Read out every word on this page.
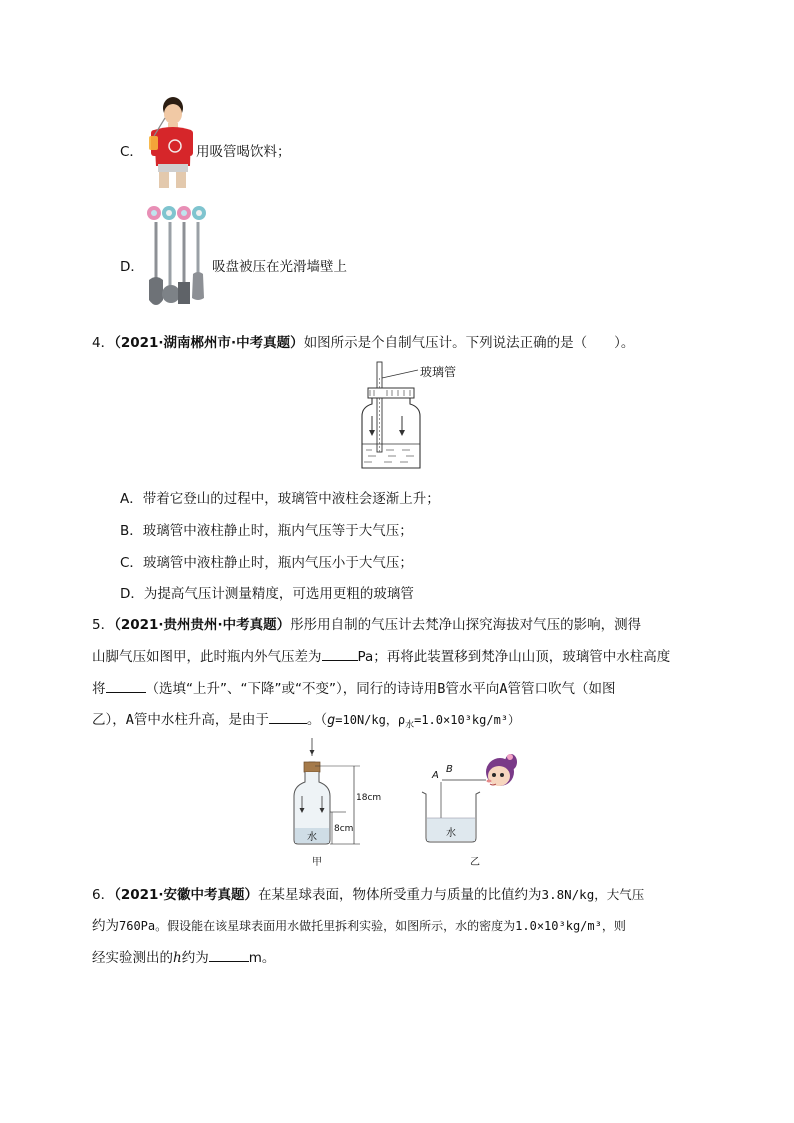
C．	用吸管喝饮料；
D．	吸盘被压在光滑墙壁上
4．（2021·湖南郴州市·中考真题）如图所示是个自制气压计。下列说法正确的是（　　）。
玻璃管
A．带着它登山的过程中，玻璃管中液柱会逐渐上升；
B．玻璃管中液柱静止时，瓶内气压等于大气压；
C．玻璃管中液柱静止时，瓶内气压小于大气压；
D．为提高气压计测量精度，可选用更粗的玻璃管
5．（2021·贵州贵州·中考真题）彤彤用自制的气压计去梵净山探究海拔对气压的影响，测得
山脚气压如图甲，此时瓶内外气压差为	Pa；再将此装置移到梵净山山顶，玻璃管中水柱高度
将	（选填“上升”、“下降”或“不变”），同行的诗诗用B管水平向A管管口吹气（如图
乙），A管中水柱升高，是由于	。（g=10N/kg，$\rho_水=1.0\times 10^3kg/m^3$）
水
8cm
18cm
甲
A
B
水
乙
6．（2021·安徽中考真题）在某星球表面，物体所受重力与质量的比值约为3.8N/kg，大气压
约为760Pa。假设能在该星球表面用水做托里拆利实验，如图所示，水的密度为1.0×10³kg/m³，则
经实验测出的h约为	m。
